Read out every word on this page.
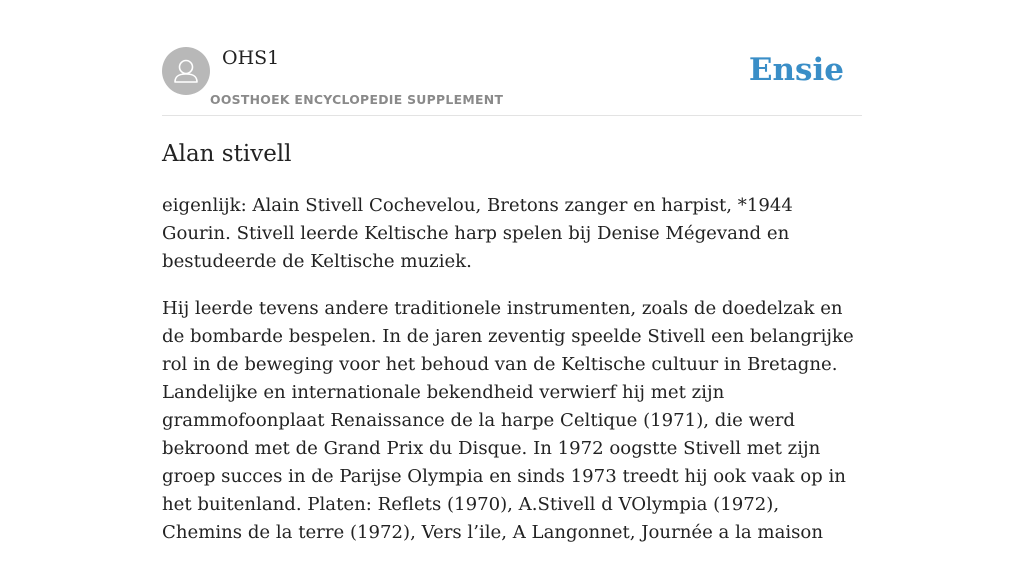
OHS1
OOSTHOEK ENCYCLOPEDIE SUPPLEMENT
Ensie
Alan stivell

eigenlijk: Alain Stivell Cochevelou, Bretons zanger en harpist, *1944 Gourin. Stivell leerde Keltische harp spelen bij Denise Mégevand en bestudeerde de Keltische muziek.

Hij leerde tevens andere traditionele instrumenten, zoals de doedelzak en de bombarde bespelen. In de jaren zeventig speelde Stivell een belangrijke rol in de beweging voor het behoud van de Keltische cultuur in Bretagne. Landelijke en internationale bekendheid verwierf hij met zijn grammofoonplaat Renaissance de la harpe Celtique (1971), die werd bekroond met de Grand Prix du Disque. In 1972 oogstte Stivell met zijn groep succes in de Parijse Olympia en sinds 1973 treedt hij ook vaak op in het buitenland. Platen: Reflets (1970), A.Stivell d VOlympia (1972), Chemins de la terre (1972), Vers l’ile, A Langonnet, Journée a la maison
